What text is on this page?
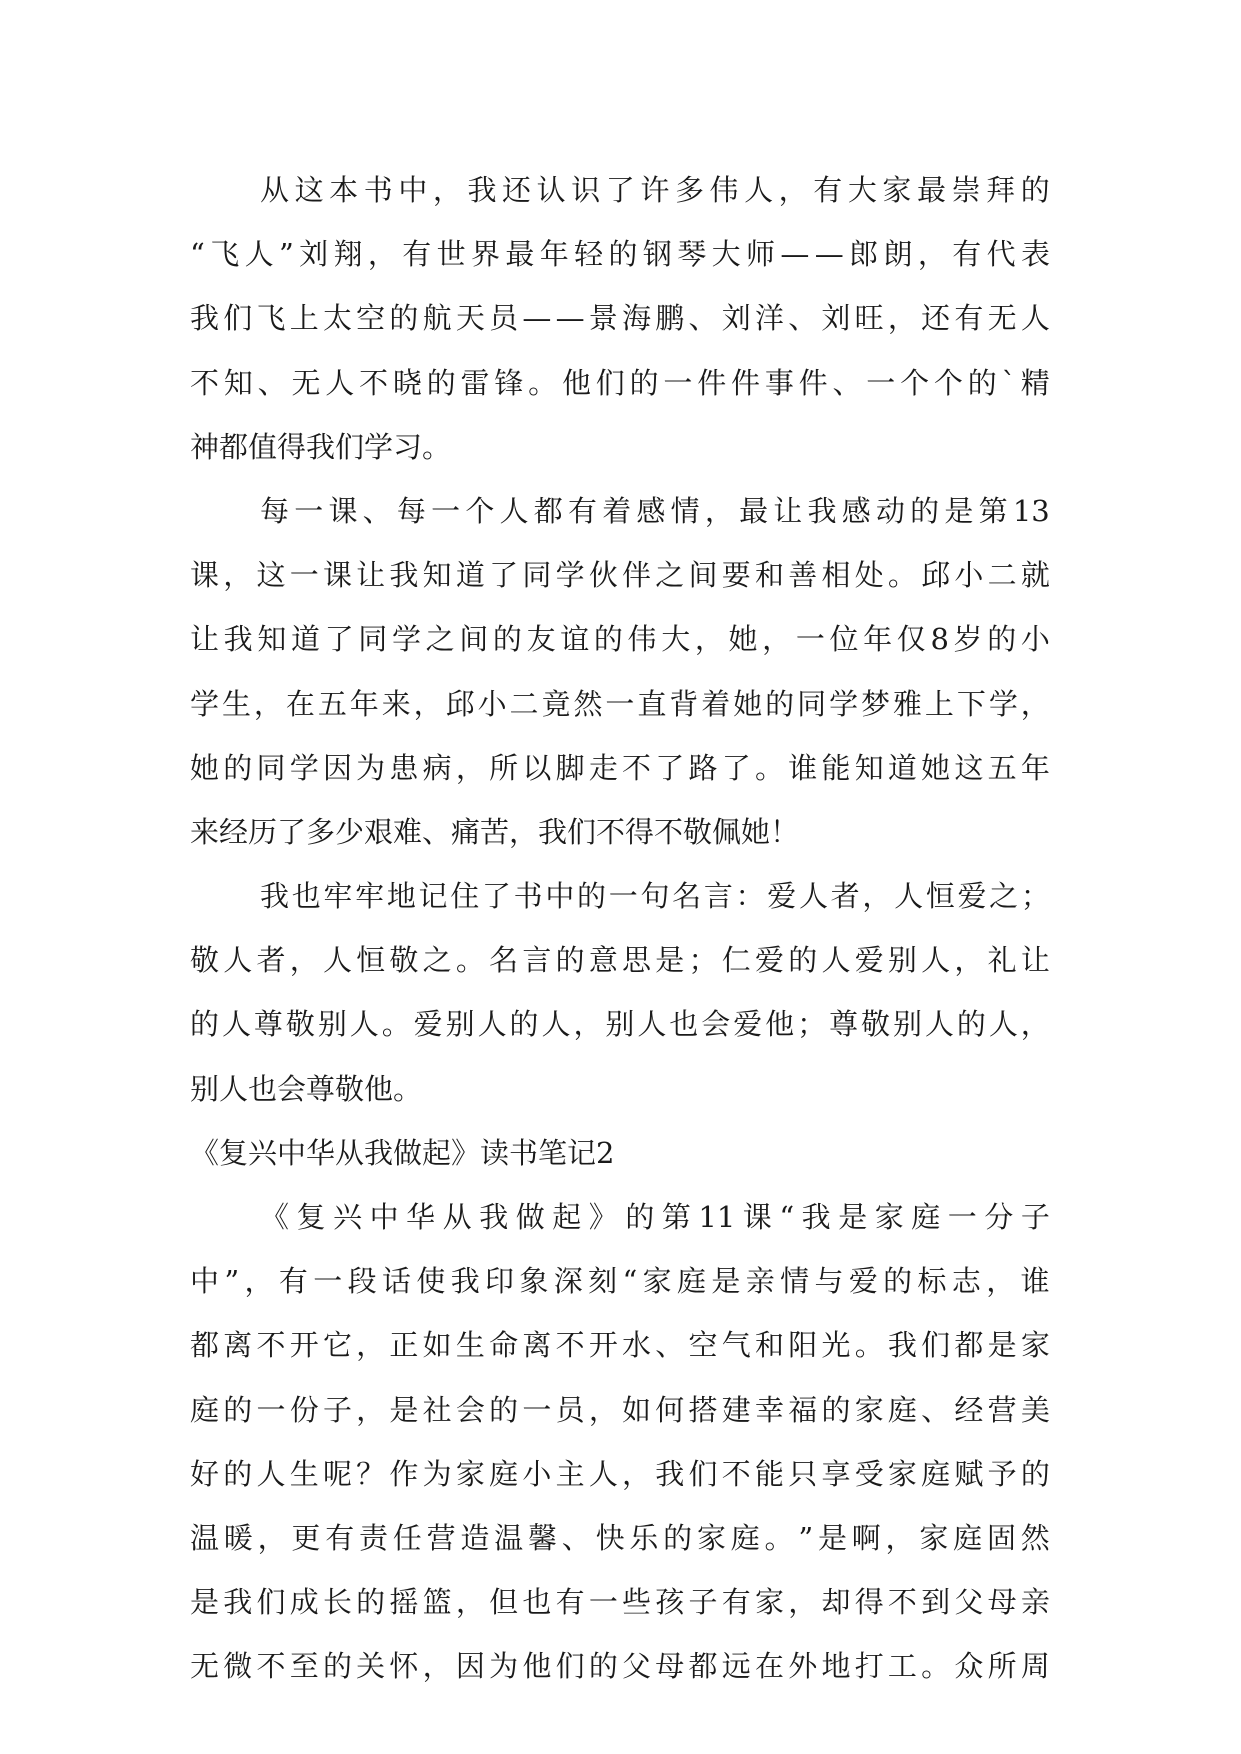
从 这 本 书 中 ， 我 还 认 识 了 许 多 伟 人 ， 有 大 家 最 崇 拜 的
“ 飞 人 ” 刘 翔 ， 有 世 界 最 年 轻 的 钢 琴 大 师 — — 郎 朗 ， 有 代 表
我 们 飞 上 太 空 的 航 天 员 — — 景 海 鹏 、 刘 洋 、 刘 旺 ， 还 有 无 人
不 知 、 无 人 不 晓 的 雷 锋 。 他 们 的 一 件 件 事 件 、 一 个 个 的 ` 精
神都值得我们学习。
每 一 课 、 每 一 个 人 都 有 着 感 情 ， 最 让 我 感 动 的 是 第 13
课 ， 这 一 课 让 我 知 道 了 同 学 伙 伴 之 间 要 和 善 相 处 。 邱 小 二 就
让 我 知 道 了 同 学 之 间 的 友 谊 的 伟 大 ， 她 ， 一 位 年 仅 8 岁 的 小
学 生 ， 在 五 年 来 ， 邱 小 二 竟 然 一 直 背 着 她 的 同 学 梦 雅 上 下 学 ，
她 的 同 学 因 为 患 病 ， 所 以 脚 走 不 了 路 了 。 谁 能 知 道 她 这 五 年
来经历了多少艰难、痛苦，我们不得不敬佩她！
我 也 牢 牢 地 记 住 了 书 中 的 一 句 名 言 ： 爱 人 者 ， 人 恒 爱 之 ；
敬 人 者 ， 人 恒 敬 之 。 名 言 的 意 思 是 ； 仁 爱 的 人 爱 别 人 ， 礼 让
的 人 尊 敬 别 人 。 爱 别 人 的 人 ， 别 人 也 会 爱 他 ； 尊 敬 别 人 的 人 ，
别人也会尊敬他。
《复兴中华从我做起》读书笔记2
《 复 兴 中 华 从 我 做 起 》 的 第 11 课 “ 我 是 家 庭 一 分 子
中 ” ， 有 一 段 话 使 我 印 象 深 刻 “ 家 庭 是 亲 情 与 爱 的 标 志 ， 谁
都 离 不 开 它 ， 正 如 生 命 离 不 开 水 、 空 气 和 阳 光 。 我 们 都 是 家
庭 的 一 份 子 ， 是 社 会 的 一 员 ， 如 何 搭 建 幸 福 的 家 庭 、 经 营 美
好 的 人 生 呢 ？ 作 为 家 庭 小 主 人 ， 我 们 不 能 只 享 受 家 庭 赋 予 的
温 暖 ， 更 有 责 任 营 造 温 馨 、 快 乐 的 家 庭 。 ” 是 啊 ， 家 庭 固 然
是 我 们 成 长 的 摇 篮 ， 但 也 有 一 些 孩 子 有 家 ， 却 得 不 到 父 母 亲
无 微 不 至 的 关 怀 ， 因 为 他 们 的 父 母 都 远 在 外 地 打 工 。 众 所 周
